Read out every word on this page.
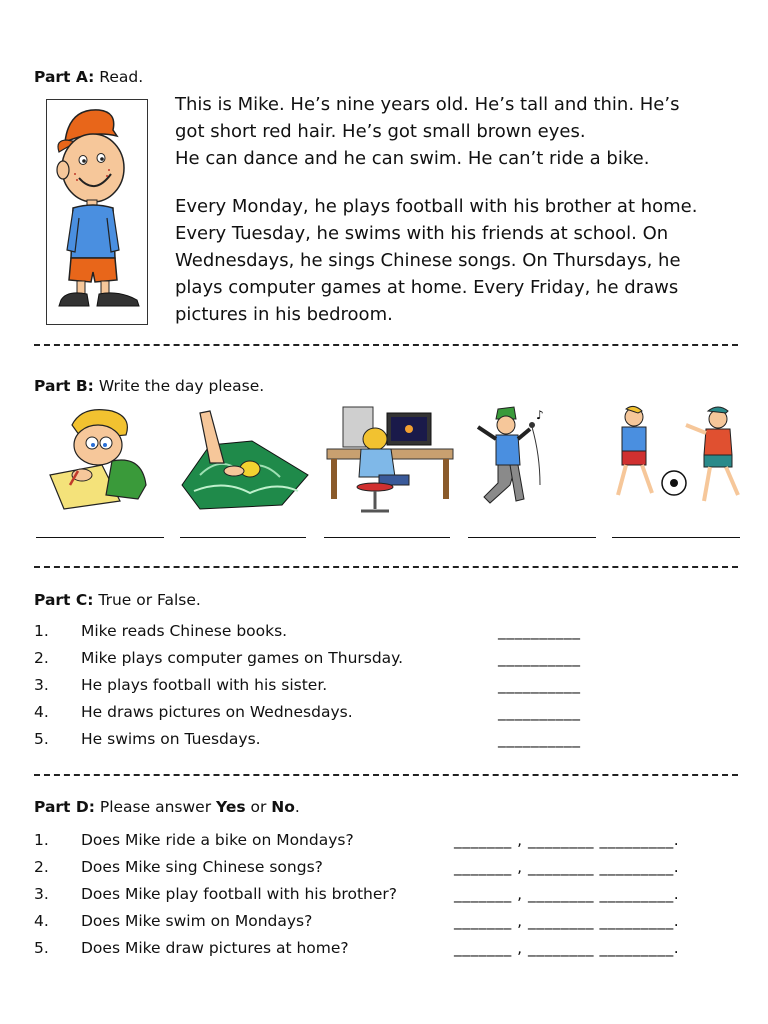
Part A: Read.
This is Mike. He’s nine years old. He’s tall and thin. He’s
got short red hair. He’s got small brown eyes.
He can dance and he can swim. He can’t ride a bike.
Every Monday, he plays football with his brother at home.
Every Tuesday, he swims with his friends at school. On
Wednesdays, he sings Chinese songs. On Thursdays, he
plays computer games at home. Every Friday, he draws
pictures in his bedroom.
Part B: Write the day please.
♪
Part C: True or False.
1. Mike reads Chinese books.	__________
2. Mike plays computer games on Thursday.	__________
3. He plays football with his sister.	__________
4. He draws pictures on Wednesdays.	__________
5. He swims on Tuesdays.	__________
Part D: Please answer Yes or No.
1. Does Mike ride a bike on Mondays?	_______ , ________ _________.
2. Does Mike sing Chinese songs?	_______ , ________ _________.
3. Does Mike play football with his brother?	_______ , ________ _________.
4. Does Mike swim on Mondays?	_______ , ________ _________.
5. Does Mike draw pictures at home?	_______ , ________ _________.
